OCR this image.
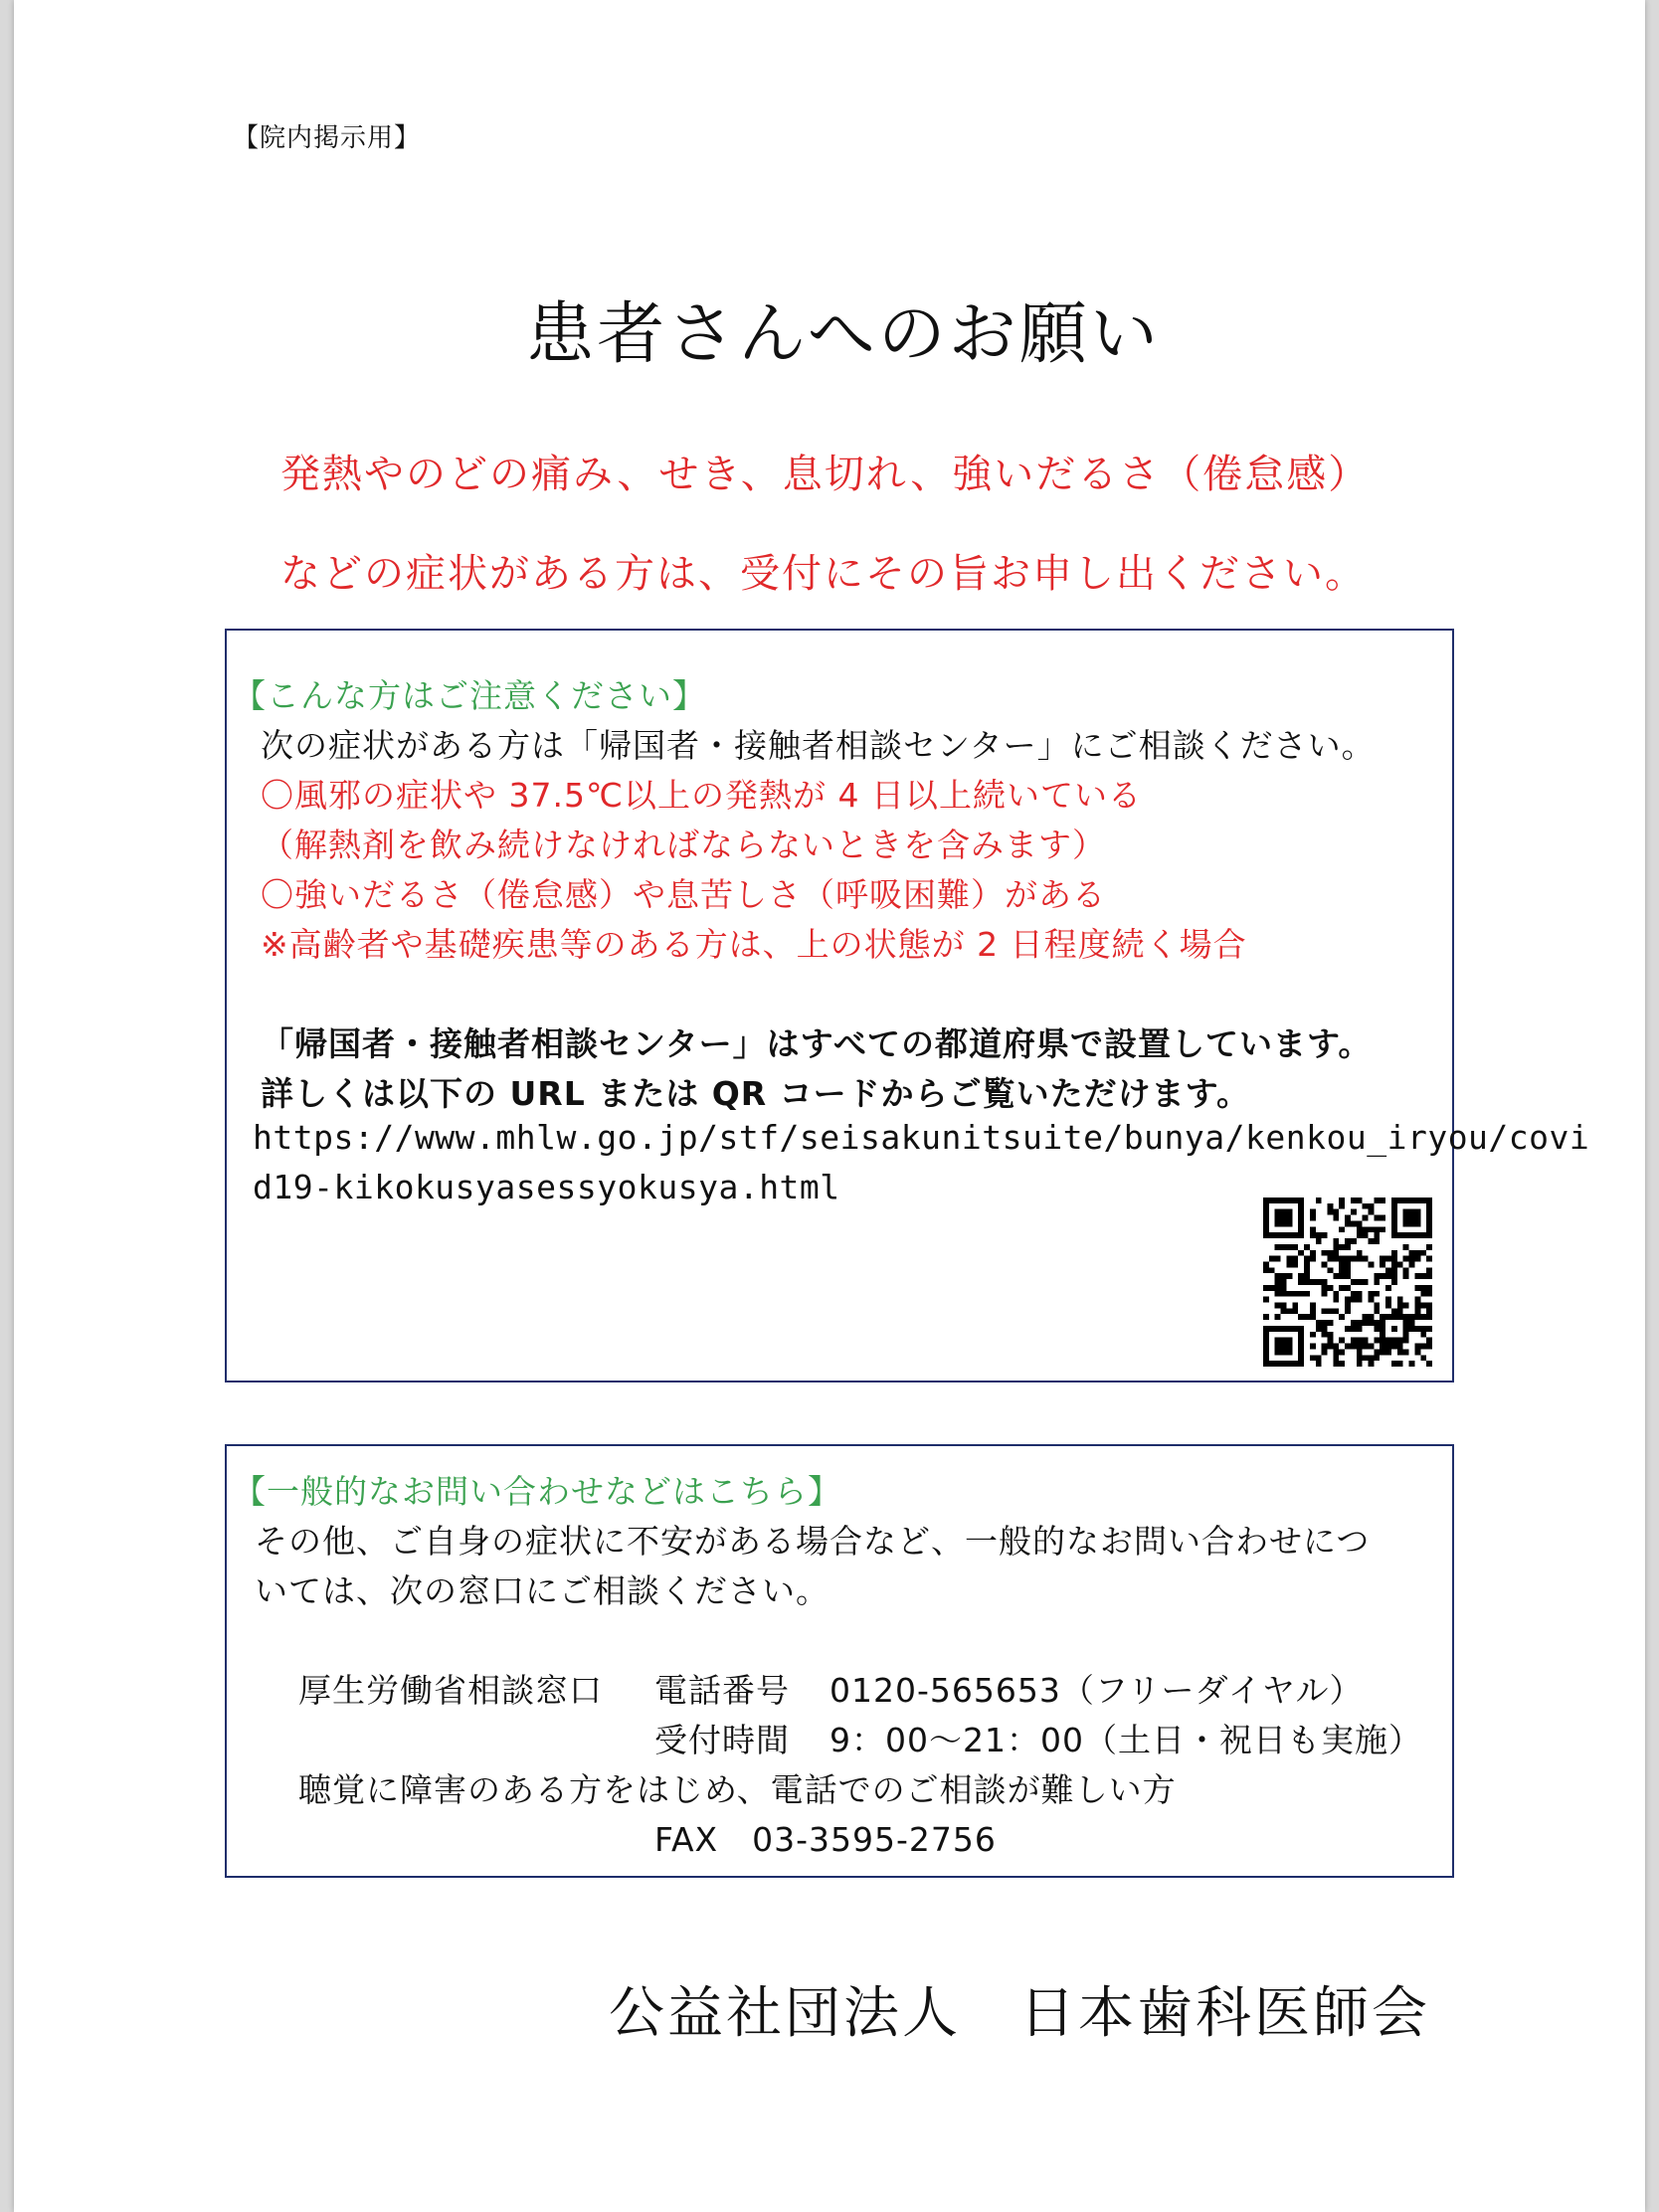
【院内掲示用】
患者さんへのお願い
発熱やのどの痛み、せき、息切れ、強いだるさ（倦怠感）
などの症状がある方は、受付にその旨お申し出ください。
【こんな方はご注意ください】
次の症状がある方は「帰国者・接触者相談センター」にご相談ください。
〇風邪の症状や 37.5℃以上の発熱が 4 日以上続いている
（解熱剤を飲み続けなければならないときを含みます）
〇強いだるさ（倦怠感）や息苦しさ（呼吸困難）がある
※高齢者や基礎疾患等のある方は、上の状態が 2 日程度続く場合
「帰国者・接触者相談センター」はすべての都道府県で設置しています。
詳しくは以下の URL または QR コードからご覧いただけます。
https://www.mhlw.go.jp/stf/seisakunitsuite/bunya/kenkou_iryou/covi
d19-kikokusyasessyokusya.html
【一般的なお問い合わせなどはこちら】
その他、ご自身の症状に不安がある場合など、一般的なお問い合わせにつ
いては、次の窓口にご相談ください。
厚生労働省相談窓口 電話番号 0120-565653（フリーダイヤル）
受付時間 9：00～21：00（土日・祝日も実施）
聴覚に障害のある方をはじめ、電話でのご相談が難しい方
FAX　03-3595-2756
公益社団法人　日本歯科医師会
